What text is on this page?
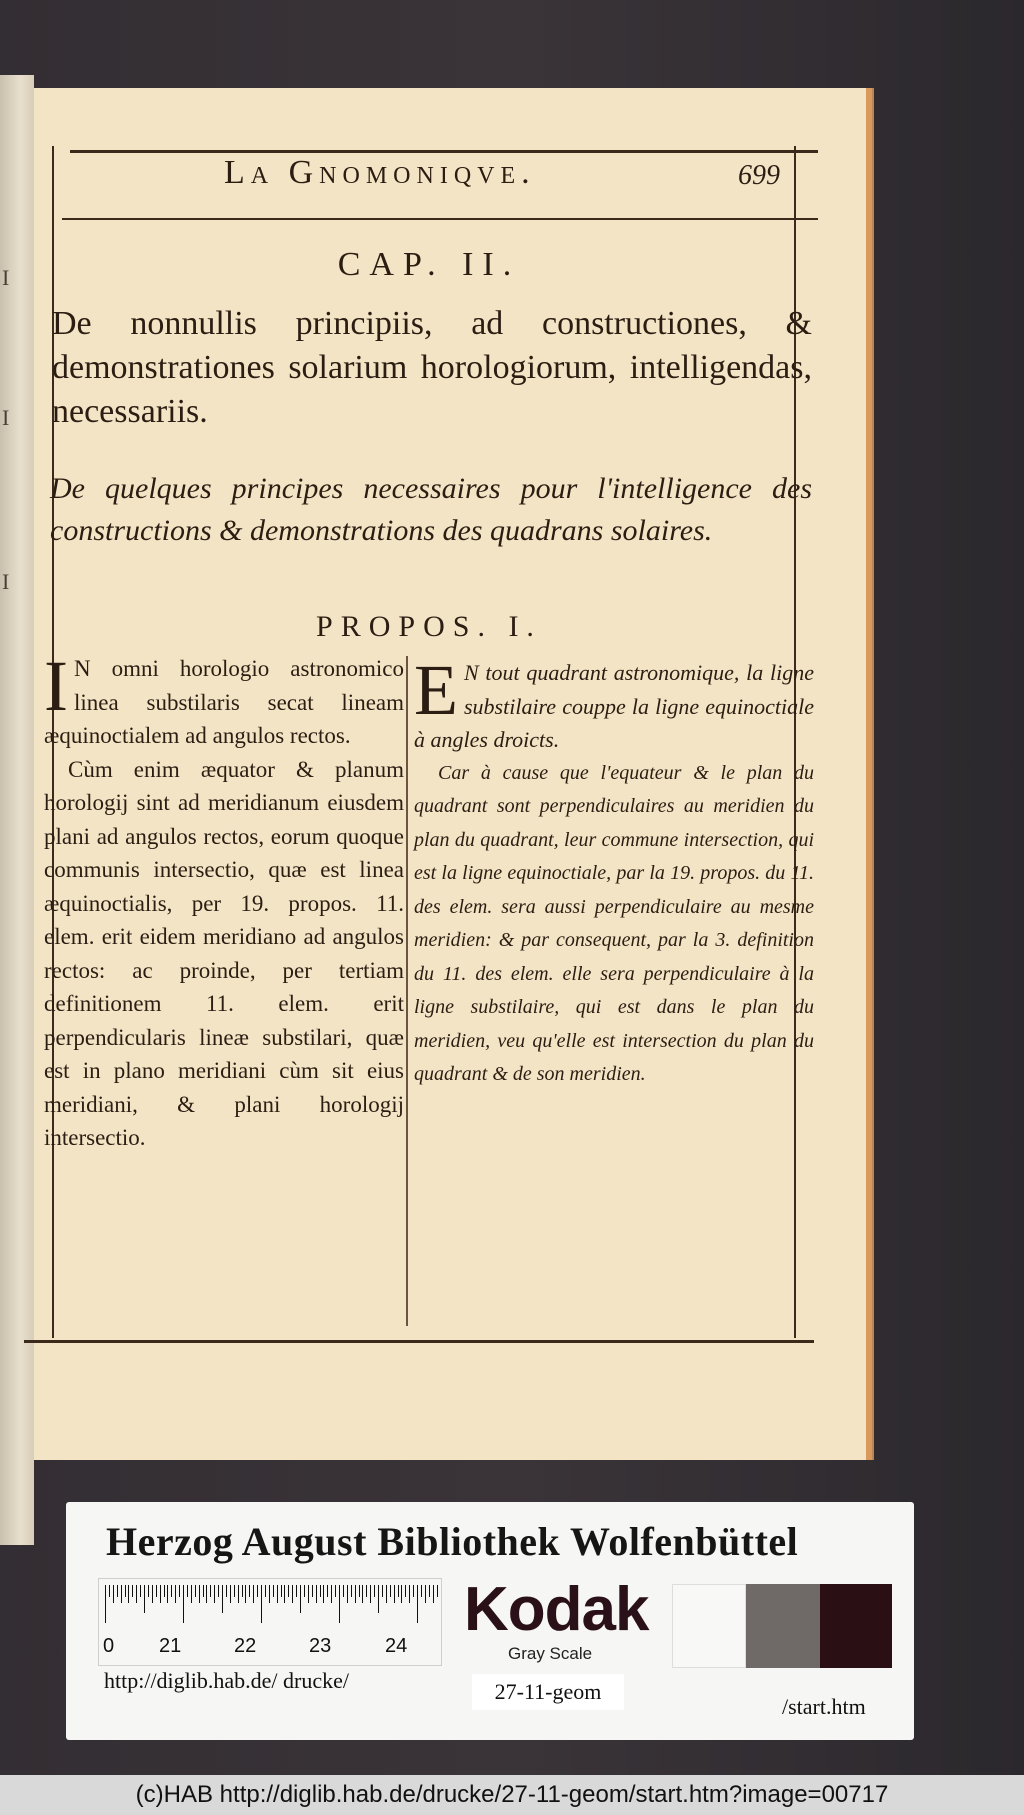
I
I
I
La Gnomoniqve.	699
CAP. II.
De nonnullis principiis, ad constructiones, & demonstrationes solarium horologiorum, intelligendas, necessariis.
De quelques principes necessaires pour l'intelligence des constructions & demonstrations des quadrans solaires.
PROPOS. I.

I N omni horologio astronomico linea substilaris secat lineam æquinoctialem ad angulos rectos.

Cùm enim æquator & planum horologij sint ad meridianum eiusdem plani ad angulos rectos, eorum quoque communis intersectio, quæ est linea æquinoctialis, per 19. propos. 11. elem. erit eidem meridiano ad angulos rectos: ac proinde, per tertiam definitionem 11. elem. erit perpendicularis lineæ substilari, quæ est in plano meridiani cùm sit eius meridiani, & plani horologij intersectio.

E N tout quadrant astronomique, la ligne substilaire couppe la ligne equinoctiale à angles droicts.

Car à cause que l'equateur & le plan du quadrant sont perpendiculaires au meridien du plan du quadrant, leur commune intersection, qui est la ligne equinoctiale, par la 19. propos. du 11. des elem. sera aussi perpendiculaire au mesme meridien: & par consequent, par la 3. definition du 11. des elem. elle sera perpendiculaire à la ligne substilaire, qui est dans le plan du meridien, veu qu'elle est intersection du plan du quadrant & de son meridien.

Herzog August Bibliothek Wolfenbüttel
0 21	22	23	24
Kodak
Gray Scale
http://diglib.hab.de/ drucke/	27-11-geom
/start.htm
(c)HAB http://diglib.hab.de/drucke/27-11-geom/start.htm?image=00717
